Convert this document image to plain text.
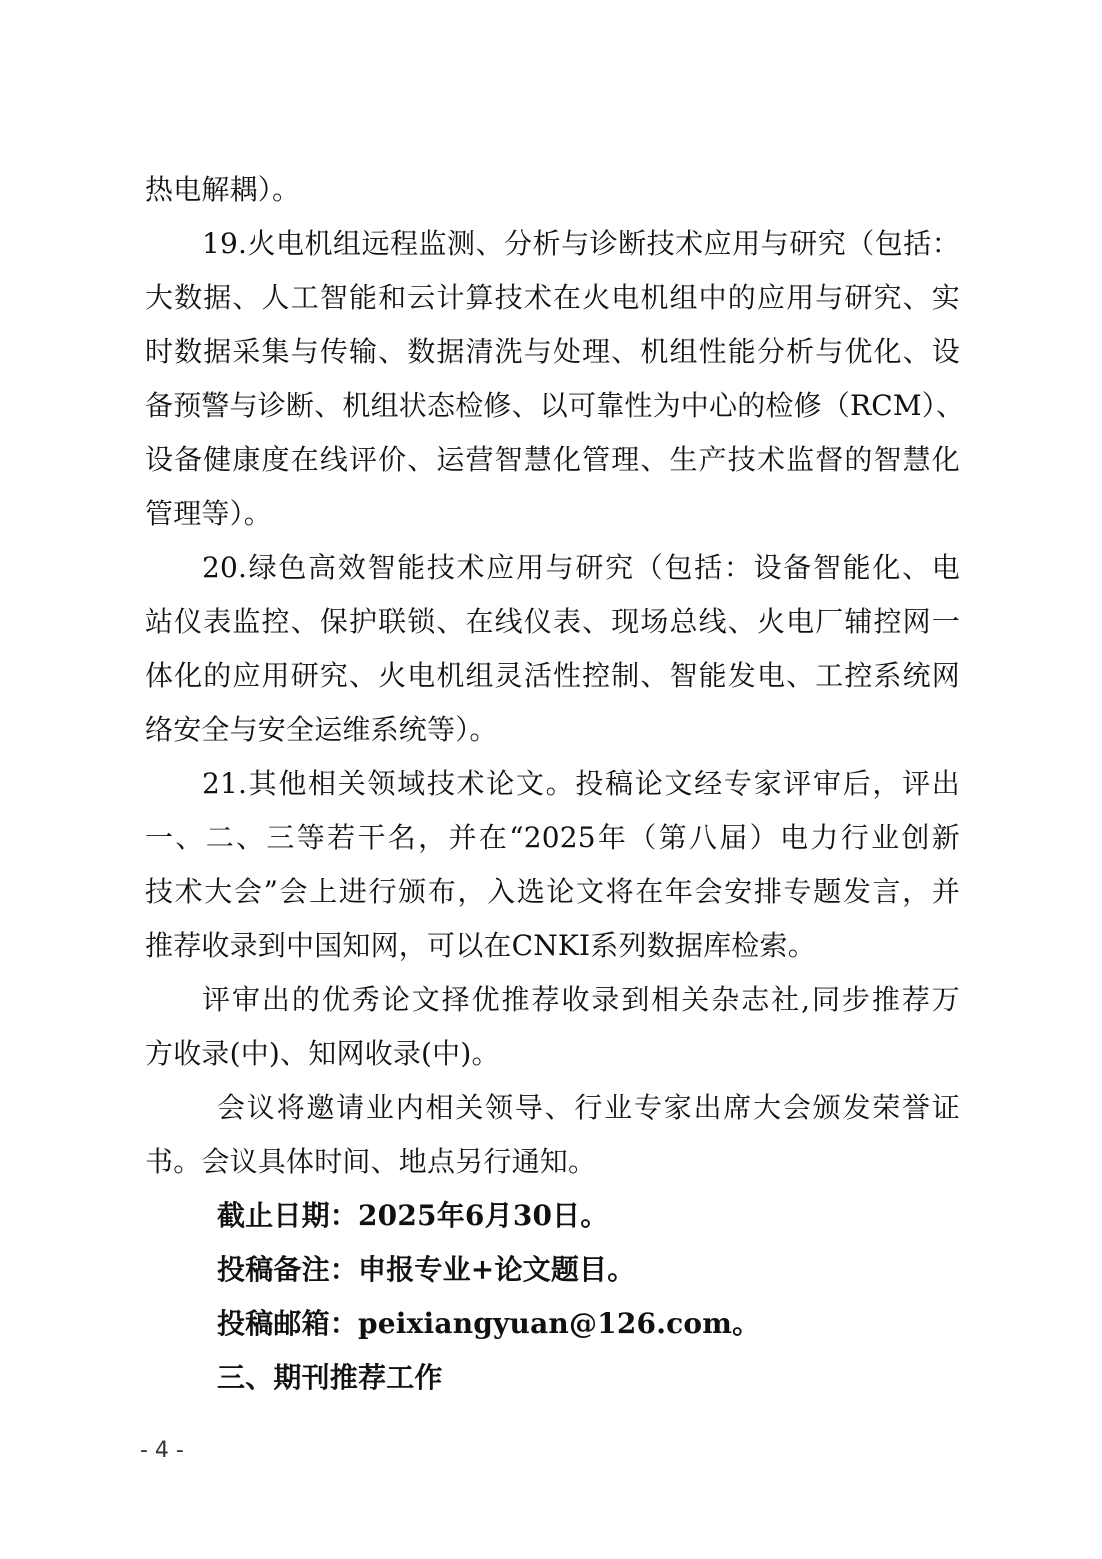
热电解耦）。
19.火电机组远程监测、分析与诊断技术应用与研究（包括：
大数据、人工智能和云计算技术在火电机组中的应用与研究、实
时数据采集与传输、数据清洗与处理、机组性能分析与优化、设
备预警与诊断、机组状态检修、以可靠性为中心的检修（RCM）、
设备健康度在线评价、运营智慧化管理、生产技术监督的智慧化
管理等）。
20.绿色高效智能技术应用与研究（包括：设备智能化、电
站仪表监控、保护联锁、在线仪表、现场总线、火电厂辅控网一
体化的应用研究、火电机组灵活性控制、智能发电、工控系统网
络安全与安全运维系统等）。
21.其他相关领域技术论文。投稿论文经专家评审后，评出
一、二、三等若干名，并在“2025年（第八届）电力行业创新
技术大会”会上进行颁布，入选论文将在年会安排专题发言，并
推荐收录到中国知网，可以在CNKI系列数据库检索。
评审出的优秀论文择优推荐收录到相关杂志社,同步推荐万
方收录(中)、知网收录(中)。
会议将邀请业内相关领导、行业专家出席大会颁发荣誉证
书。会议具体时间、地点另行通知。
截止日期：2025年6月30日。
投稿备注：申报专业+论文题目。
投稿邮箱：peixiangyuan@126.com。
三、期刊推荐工作
- 4 -
